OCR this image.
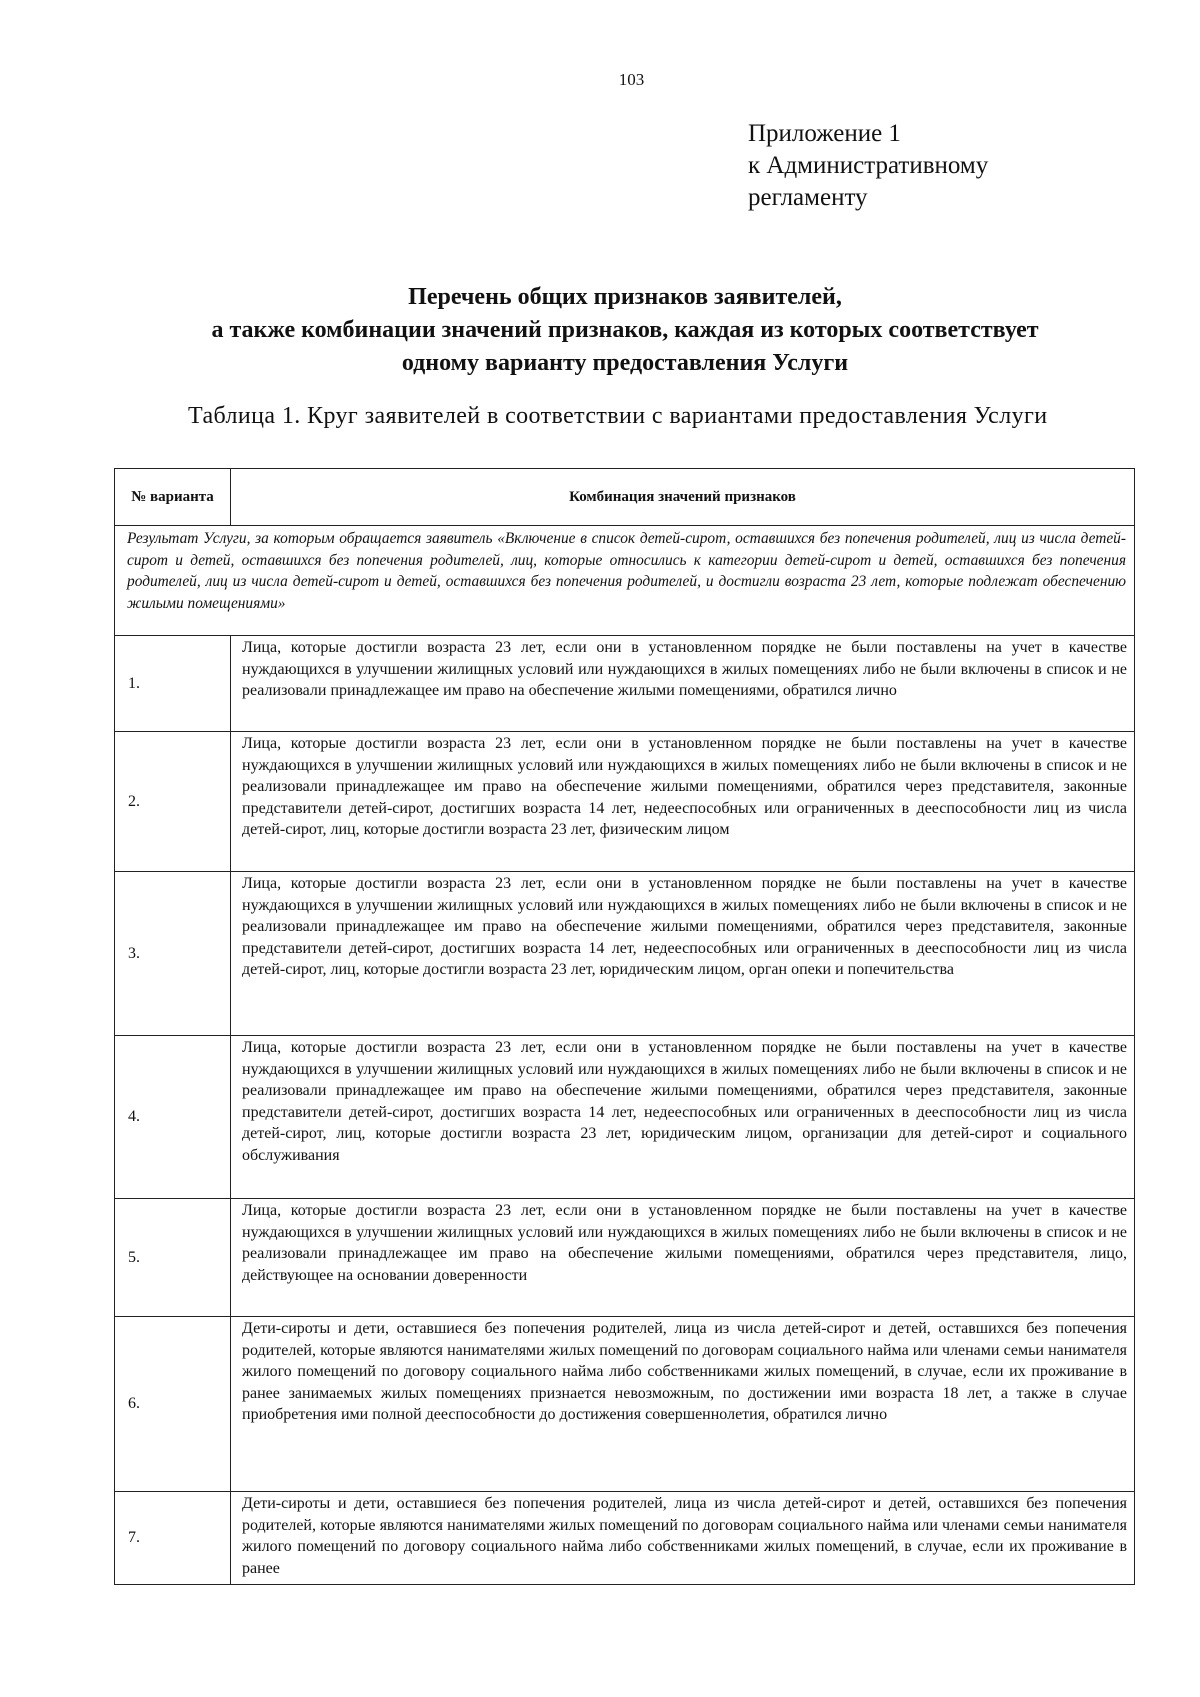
103
Приложение 1
к Административному
регламенту
Перечень общих признаков заявителей,
а также комбинации значений признаков, каждая из которых соответствует
одному варианту предоставления Услуги
Таблица 1. Круг заявителей в соответствии с вариантами предоставления Услуги
№ варианта	Комбинация значений признаков
Результат Услуги, за которым обращается заявитель «Включение в список детей-сирот, оставшихся без попечения родителей, лиц из числа детей-сирот и детей, оставшихся без попечения родителей, лиц, которые относились к категории детей-сирот и детей, оставшихся без попечения родителей, лиц из числа детей-сирот и детей, оставшихся без попечения родителей, и достигли возраста 23 лет, которые подлежат обеспечению жилыми помещениями»	
1.	Лица, которые достигли возраста 23 лет, если они в установленном порядке не были поставлены на учет в качестве нуждающихся в улучшении жилищных условий или нуждающихся в жилых помещениях либо не были включены в список и не реализовали принадлежащее им право на обеспечение жилыми помещениями, обратился лично
2.	Лица, которые достигли возраста 23 лет, если они в установленном порядке не были поставлены на учет в качестве нуждающихся в улучшении жилищных условий или нуждающихся в жилых помещениях либо не были включены в список и не реализовали принадлежащее им право на обеспечение жилыми помещениями, обратился через представителя, законные представители детей-сирот, достигших возраста 14 лет, недееспособных или ограниченных в дееспособности лиц из числа детей-сирот, лиц, которые достигли возраста 23 лет, физическим лицом
3.	Лица, которые достигли возраста 23 лет, если они в установленном порядке не были поставлены на учет в качестве нуждающихся в улучшении жилищных условий или нуждающихся в жилых помещениях либо не были включены в список и не реализовали принадлежащее им право на обеспечение жилыми помещениями, обратился через представителя, законные представители детей-сирот, достигших возраста 14 лет, недееспособных или ограниченных в дееспособности лиц из числа детей-сирот, лиц, которые достигли возраста 23 лет, юридическим лицом, орган опеки и попечительства
4.	Лица, которые достигли возраста 23 лет, если они в установленном порядке не были поставлены на учет в качестве нуждающихся в улучшении жилищных условий или нуждающихся в жилых помещениях либо не были включены в список и не реализовали принадлежащее им право на обеспечение жилыми помещениями, обратился через представителя, законные представители детей-сирот, достигших возраста 14 лет, недееспособных или ограниченных в дееспособности лиц из числа детей-сирот, лиц, которые достигли возраста 23 лет, юридическим лицом, организации для детей-сирот и социального обслуживания
5.	Лица, которые достигли возраста 23 лет, если они в установленном порядке не были поставлены на учет в качестве нуждающихся в улучшении жилищных условий или нуждающихся в жилых помещениях либо не были включены в список и не реализовали принадлежащее им право на обеспечение жилыми помещениями, обратился через представителя, лицо, действующее на основании доверенности
6.	Дети-сироты и дети, оставшиеся без попечения родителей, лица из числа детей-сирот и детей, оставшихся без попечения родителей, которые являются нанимателями жилых помещений по договорам социального найма или членами семьи нанимателя жилого помещений по договору социального найма либо собственниками жилых помещений, в случае, если их проживание в ранее занимаемых жилых помещениях признается невозможным, по достижении ими возраста 18 лет, а также в случае приобретения ими полной дееспособности до достижения совершеннолетия, обратился лично
7.	Дети-сироты и дети, оставшиеся без попечения родителей, лица из числа детей-сирот и детей, оставшихся без попечения родителей, которые являются нанимателями жилых помещений по договорам социального найма или членами семьи нанимателя жилого помещений по договору социального найма либо собственниками жилых помещений, в случае, если их проживание в ранее
